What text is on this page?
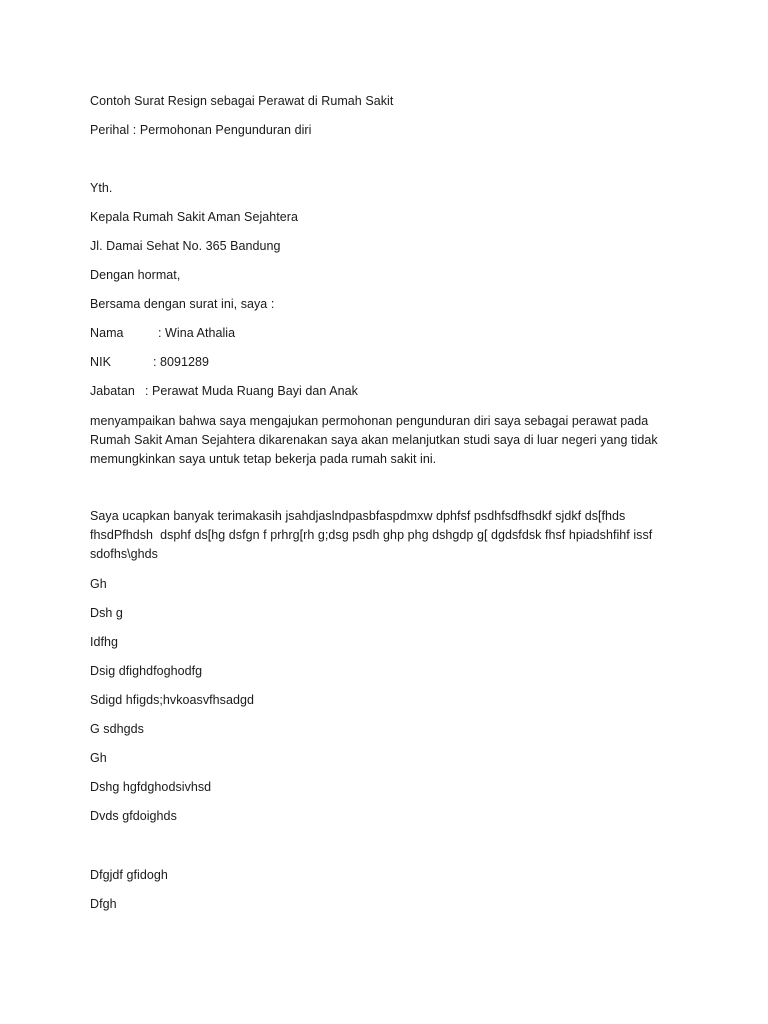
Contoh Surat Resign sebagai Perawat di Rumah Sakit
Perihal : Permohonan Pengunduran diri
Yth.
Kepala Rumah Sakit Aman Sejahtera
Jl. Damai Sehat No. 365 Bandung
Dengan hormat,
Bersama dengan surat ini, saya :
Nama	: Wina Athalia
NIK	: 8091289
Jabatan : Perawat Muda Ruang Bayi dan Anak
menyampaikan bahwa saya mengajukan permohonan pengunduran diri saya sebagai perawat pada
Rumah Sakit Aman Sejahtera dikarenakan saya akan melanjutkan studi saya di luar negeri yang tidak
memungkinkan saya untuk tetap bekerja pada rumah sakit ini.
Saya ucapkan banyak terimakasih jsahdjaslndpasbfaspdmxw dphfsf psdhfsdfhsdkf sjdkf ds[fhds
fhsdPfhdsh  dsphf ds[hg dsfgn f prhrg[rh g;dsg psdh ghp phg dshgdp g[ dgdsfdsk fhsf hpiadshfihf issf
sdofhs\ghds
Gh
Dsh g
Idfhg
Dsig dfighdfoghodfg
Sdigd hfigds;hvkoasvfhsadgd
G sdhgds
Gh
Dshg hgfdghodsivhsd
Dvds gfdoighds
Dfgjdf gfidogh
Dfgh
